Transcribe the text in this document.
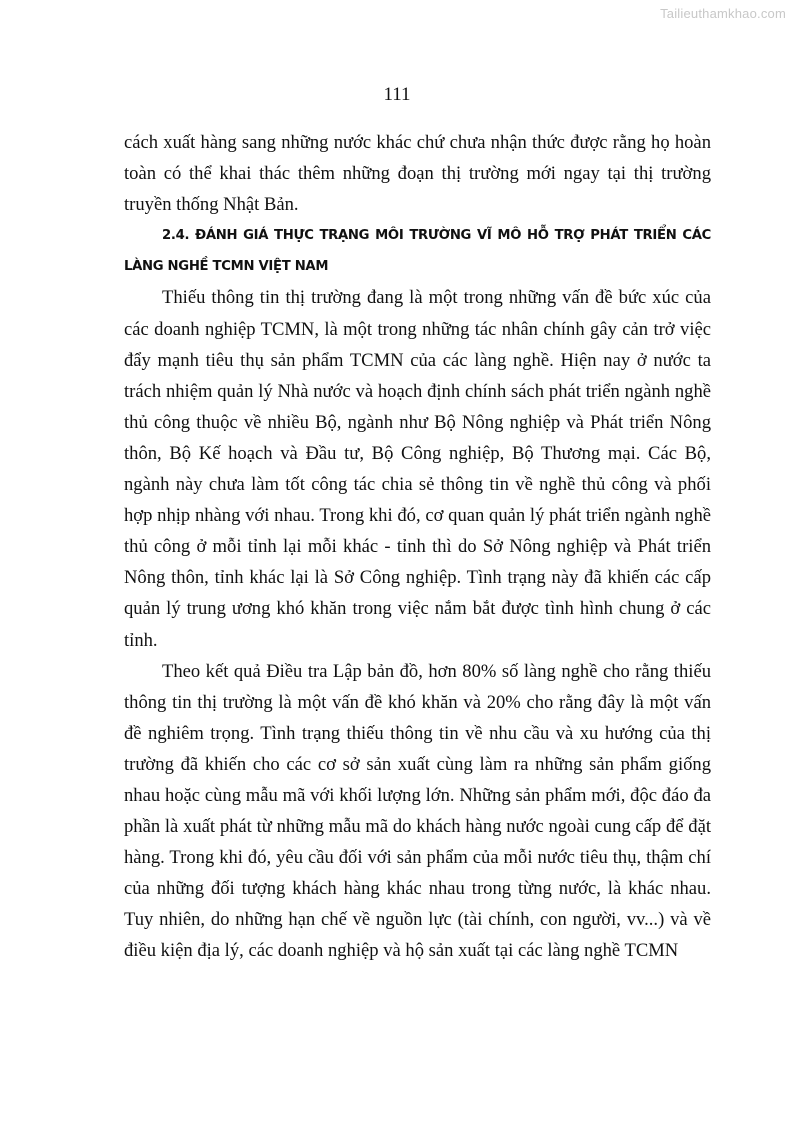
Tailieuthamkhao.com
111

cách xuất hàng sang những nước khác chứ chưa nhận thức được rằng họ hoàn toàn có thể khai thác thêm những đoạn thị trường mới ngay tại thị trường truyền thống Nhật Bản.

2.4. ĐÁNH GIÁ THỰC TRẠNG MÔI TRƯỜNG VĨ MÔ HỖ TRỢ PHÁT TRIỂN CÁC LÀNG NGHỀ TCMN VIỆT NAM

Thiếu thông tin thị trường đang là một trong những vấn đề bức xúc của các doanh nghiệp TCMN, là một trong những tác nhân chính gây cản trở việc đẩy mạnh tiêu thụ sản phẩm TCMN của các làng nghề. Hiện nay ở nước ta trách nhiệm quản lý Nhà nước và hoạch định chính sách phát triển ngành nghề thủ công thuộc về nhiều Bộ, ngành như Bộ Nông nghiệp và Phát triển Nông thôn, Bộ Kế hoạch và Đầu tư, Bộ Công nghiệp, Bộ Thương mại. Các Bộ, ngành này chưa làm tốt công tác chia sẻ thông tin về nghề thủ công và phối hợp nhịp nhàng với nhau. Trong khi đó, cơ quan quản lý phát triển ngành nghề thủ công ở mỗi tỉnh lại mỗi khác - tỉnh thì do Sở Nông nghiệp và Phát triển Nông thôn, tỉnh khác lại là Sở Công nghiệp. Tình trạng này đã khiến các cấp quản lý trung ương khó khăn trong việc nắm bắt được tình hình chung ở các tỉnh.

Theo kết quả Điều tra Lập bản đồ, hơn 80% số làng nghề cho rằng thiếu thông tin thị trường là một vấn đề khó khăn và 20% cho rằng đây là một vấn đề nghiêm trọng. Tình trạng thiếu thông tin về nhu cầu và xu hướng của thị trường đã khiến cho các cơ sở sản xuất cùng làm ra những sản phẩm giống nhau hoặc cùng mẫu mã với khối lượng lớn. Những sản phẩm mới, độc đáo đa phần là xuất phát từ những mẫu mã do khách hàng nước ngoài cung cấp để đặt hàng. Trong khi đó, yêu cầu đối với sản phẩm của mỗi nước tiêu thụ, thậm chí của những đối tượng khách hàng khác nhau trong từng nước, là khác nhau. Tuy nhiên, do những hạn chế về nguồn lực (tài chính, con người, vv...) và về điều kiện địa lý, các doanh nghiệp và hộ sản xuất tại các làng nghề TCMN
